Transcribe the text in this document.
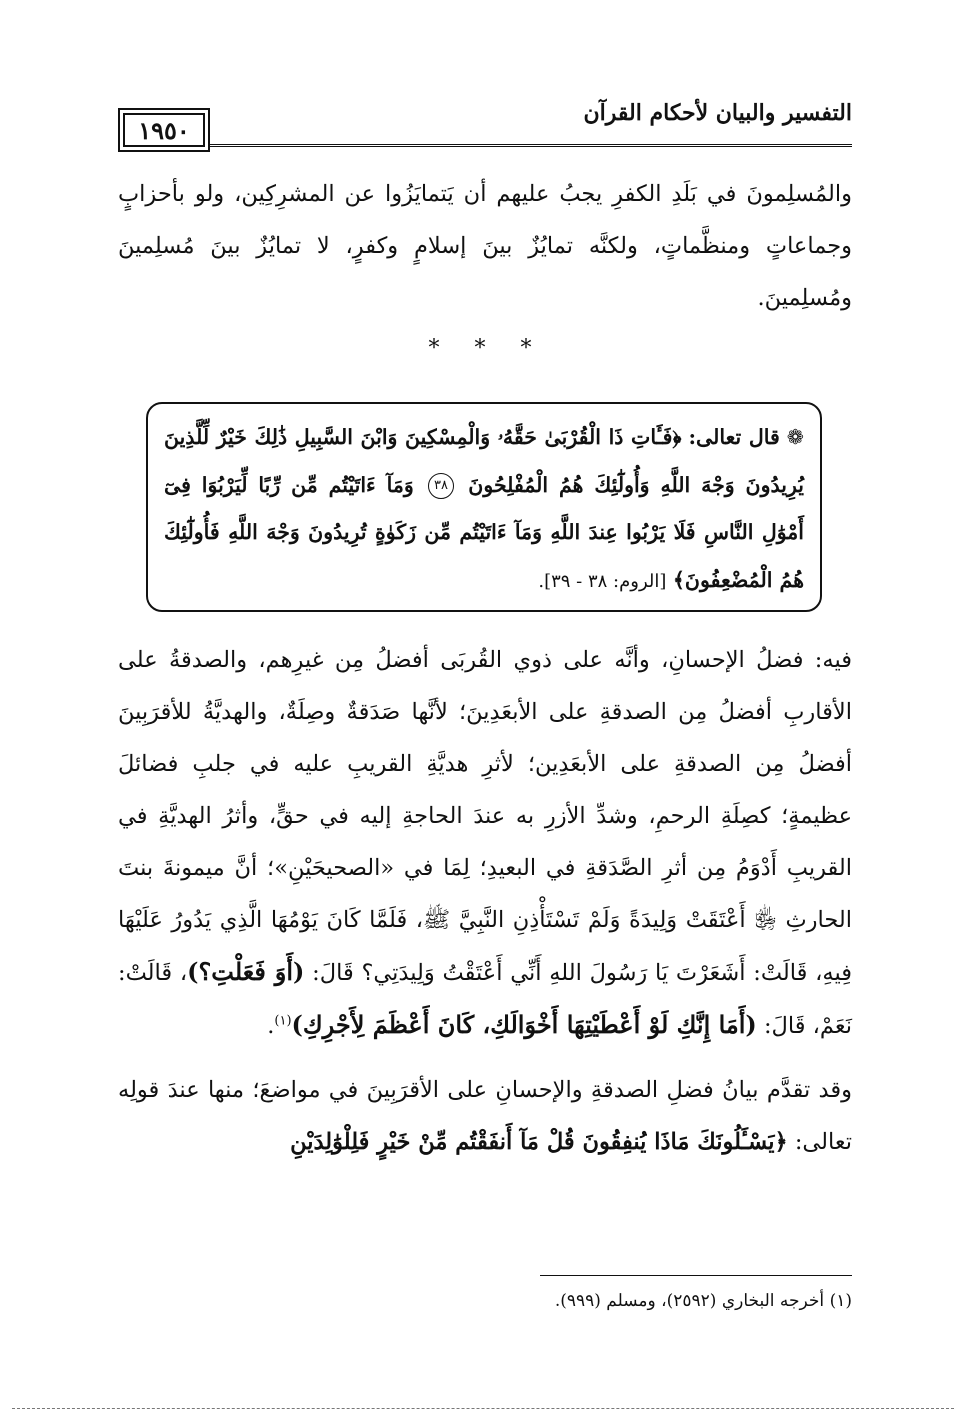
التفسير والبيان لأحكام القرآن
١٩٥٠

والمُسلِمونَ في بَلَدِ الكفرِ يجبُ عليهم أن يَتمايَزُوا عن المشرِكِين، ولو بأحزابٍ وجماعاتٍ ومنظَّماتٍ، ولكنَّه تمايُزٌ بينَ إسلامٍ وكفرٍ، لا تمايُزٌ بينَ مُسلِمينَ ومُسلِمينَ.

* * *
❁ قال تعالى: ﴿فَـَٔاتِ ذَا الْقُرْبَىٰ حَقَّهُۥ وَالْمِسْكِينَ وَابْنَ السَّبِيلِ ذَٰلِكَ خَيْرٌ لِّلَّذِينَ يُرِيدُونَ وَجْهَ اللَّهِ وَأُولَٰٓئِكَ هُمُ الْمُفْلِحُونَ ٣٨ وَمَآ ءَاتَيْتُم مِّن رِّبًا لِّيَرْبُوَا فِىٓ أَمْوَٰلِ النَّاسِ فَلَا يَرْبُوا عِندَ اللَّهِ وَمَآ ءَاتَيْتُم مِّن زَكَوٰةٍ تُرِيدُونَ وَجْهَ اللَّهِ فَأُولَٰٓئِكَ هُمُ الْمُضْعِفُونَ﴾ [الروم: ٣٨ - ٣٩].

فيه: فضلُ الإحسانِ، وأنَّه على ذوي القُربَى أفضلُ مِن غيرِهم، والصدقةُ على الأقاربِ أفضلُ مِن الصدقةِ على الأبعَدِينَ؛ لأنَّها صَدَقةٌ وصِلَةٌ، والهديَّةُ للأقرَبِينَ أفضلُ مِن الصدقةِ على الأبعَدِين؛ لأثرِ هديَّةِ القريبِ عليه في جلبِ فضائلَ عظيمةٍ؛ كصِلَةِ الرحمِ، وشدِّ الأزرِ به عندَ الحاجةِ إليه في حقٍّ، وأثرُ الهديَّةِ في القريبِ أَدْوَمُ مِن أثرِ الصَّدَقةِ في البعيدِ؛ لِمَا في «الصحيحَيْنِ»؛ أنَّ ميمونةَ بنتَ الحارثِ ﵂ أَعْتَقَتْ وَلِيدَةً وَلَمْ تَسْتَأْذِنِ النَّبِيَّ ﷺ، فَلَمَّا كَانَ يَوْمُهَا الَّذِي يَدُورُ عَلَيْهَا فِيهِ، قَالَتْ: أَشَعَرْتَ يَا رَسُولَ اللهِ أَنِّي أَعْتَقْتُ وَلِيدَتِي؟ قَالَ: (أَوَ فَعَلْتِ؟)، قَالَتْ: نَعَمْ، قَالَ: (أَمَا إِنَّكِ لَوْ أَعْطَيْتِهَا أَخْوَالَكِ، كَانَ أَعْظَمَ لِأَجْرِكِ)$^{(١)}$.

وقد تقدَّم بيانُ فضلِ الصدقةِ والإحسانِ على الأقرَبِينَ في مواضعَ؛ منها عندَ قولِه تعالى: ﴿يَسْـَٔلُونَكَ مَاذَا يُنفِقُونَ قُلْ مَآ أَنفَقْتُم مِّنْ خَيْرٍ فَلِلْوَٰلِدَيْنِ

(١) أخرجه البخاري (٢٥٩٢)، ومسلم (٩٩٩).
